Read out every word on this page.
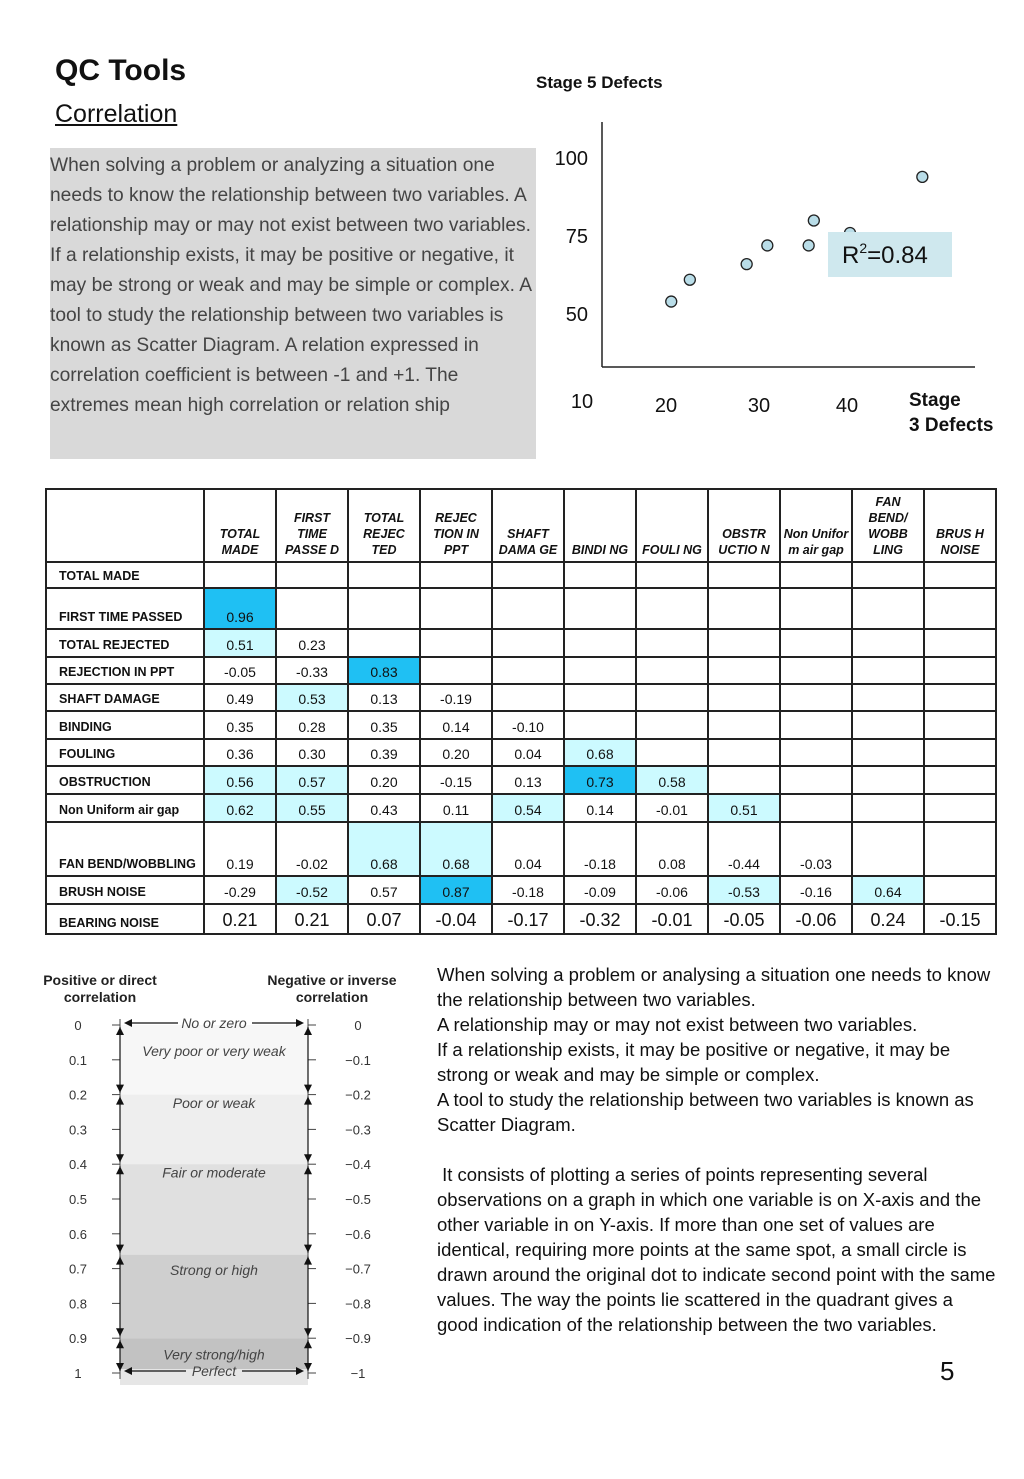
QC Tools
Correlation

When solving a problem or analyzing a situation one needs to know the relationship between two variables. A relationship may or may not exist between two variables. If a relationship exists, it may be positive or negative, it may be strong or weak and may be simple or complex. A tool to study the relationship between two variables is known as Scatter Diagram. A relation expressed in correlation coefficient is between -1 and +1. The extremes mean high correlation or relation ship

Stage 5 Defects
100
75
50
10	20	30	40	Stage
3 Defects
$R^2=0.84$
	TOTAL MADE	FIRST TIME PASSE D	TOTAL REJEC TED	REJEC TION IN PPT	SHAFT DAMA GE	BINDI NG	FOULI NG	OBSTR UCTIO N	Non Unifor m air gap	FAN BEND/ WOBB LING	BRUS H NOISE
TOTAL MADE											
FIRST TIME PASSED	0.96										
TOTAL REJECTED	0.51	0.23									
REJECTION IN PPT	-0.05	-0.33	0.83								
SHAFT DAMAGE	0.49	0.53	0.13	-0.19							
BINDING	0.35	0.28	0.35	0.14	-0.10						
FOULING	0.36	0.30	0.39	0.20	0.04	0.68					
OBSTRUCTION	0.56	0.57	0.20	-0.15	0.13	0.73	0.58				
Non Uniform air gap	0.62	0.55	0.43	0.11	0.54	0.14	-0.01	0.51			
FAN BEND/WOBBLING	0.19	-0.02	0.68	0.68	0.04	-0.18	0.08	-0.44	-0.03		
BRUSH NOISE	-0.29	-0.52	0.57	0.87	-0.18	-0.09	-0.06	-0.53	-0.16	0.64	
BEARING NOISE	0.21	0.21	0.07	-0.04	-0.17	-0.32	-0.01	-0.05	-0.06	0.24	-0.15
Positive or direct
correlation
Negative or inverse
correlation
0
0.1
0.2
0.3
0.4
0.5
0.6
0.7
0.8
0.9
1
0
−0.1
−0.2
−0.3
−0.4
−0.5
−0.6
−0.7
−0.8
−0.9
−1
No or zero
Very poor or very weak
Poor or weak
Fair or moderate
Strong or high
Very strong/high
Perfect

When solving a problem or analysing a situation one needs to know the relationship between two variables.
A relationship may or may not exist between two variables.
If a relationship exists, it may be positive or negative, it may be strong or weak and may be simple or complex.
A tool to study the relationship between two variables is known as Scatter Diagram.

It consists of plotting a series of points representing several observations on a graph in which one variable is on X-axis and the other variable in on Y-axis. If more than one set of values are identical, requiring more points at the same spot, a small circle is drawn around the original dot to indicate second point with the same values. The way the points lie scattered in the quadrant gives a good indication of the relationship between the two variables.

5
